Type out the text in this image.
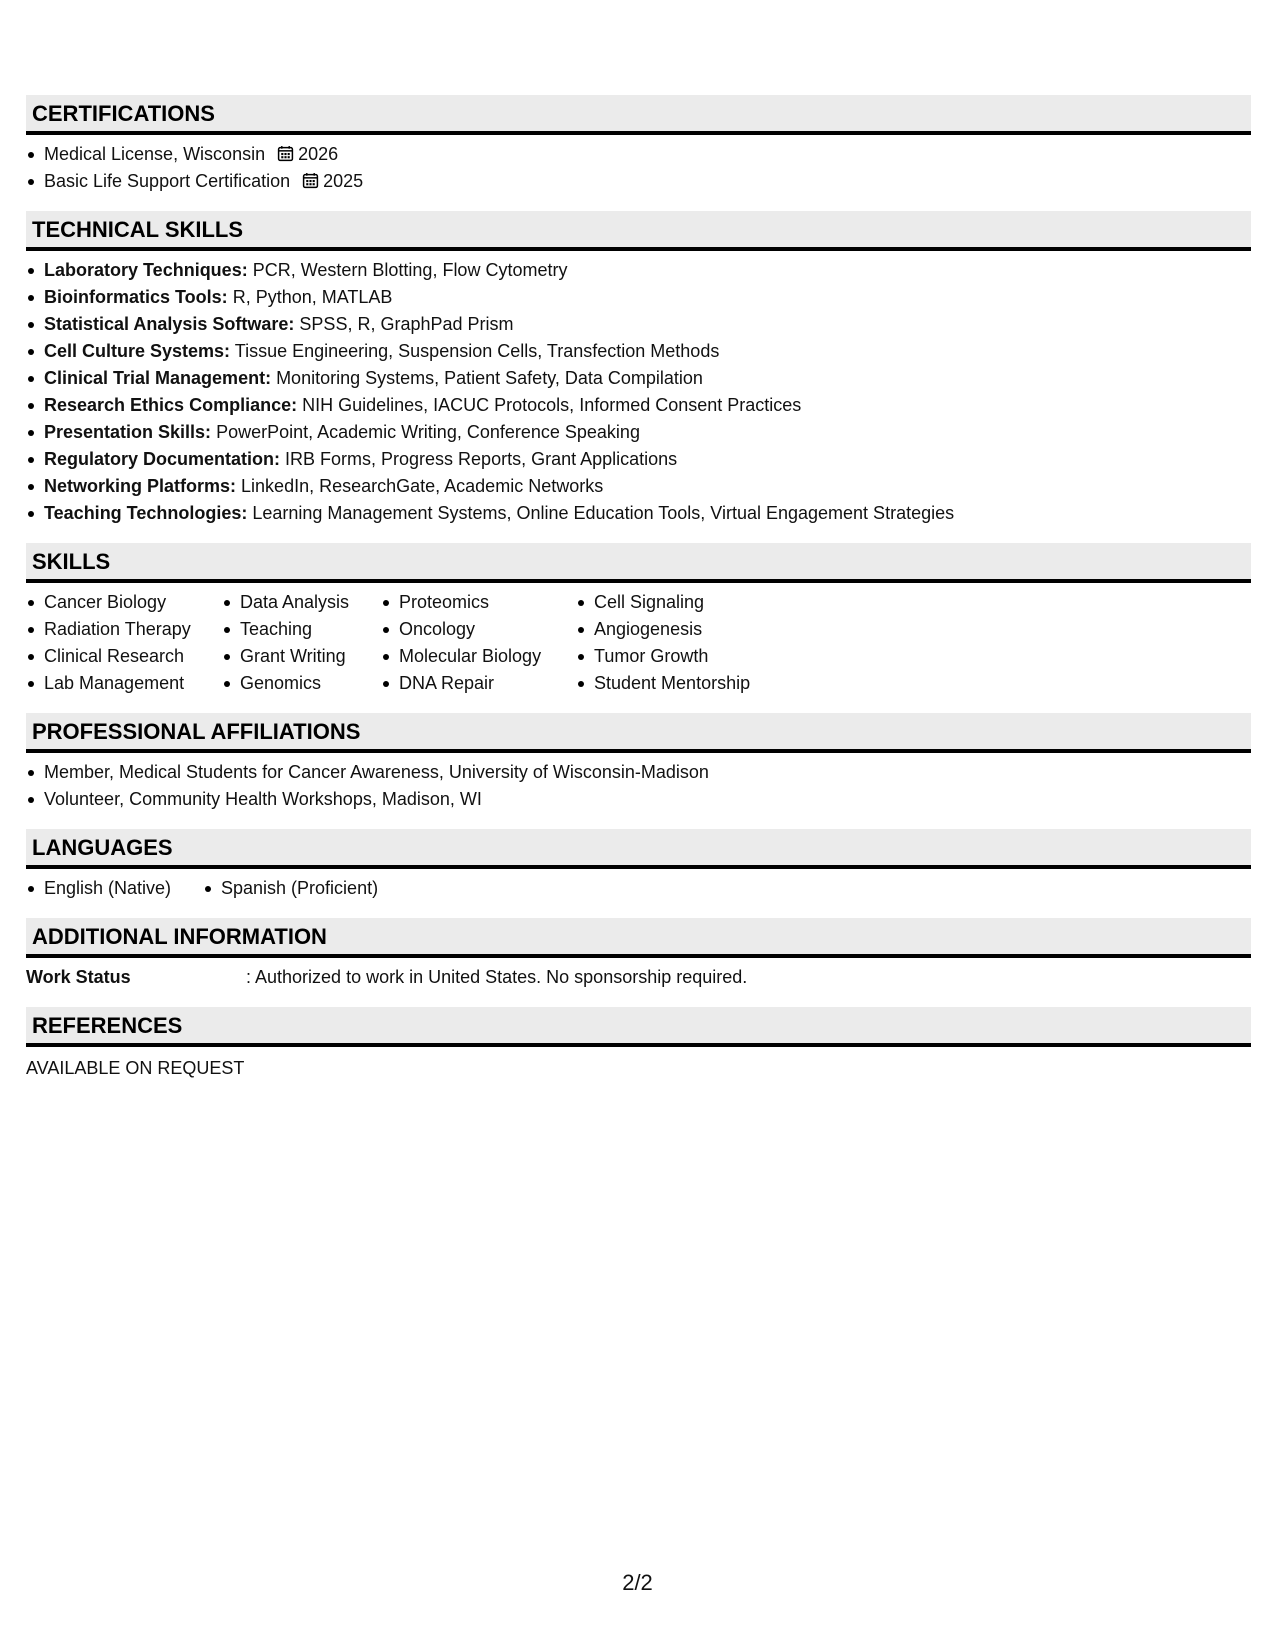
CERTIFICATIONS
Medical License, Wisconsin 2026
Basic Life Support Certification 2025
TECHNICAL SKILLS
Laboratory Techniques: PCR, Western Blotting, Flow Cytometry
Bioinformatics Tools: R, Python, MATLAB
Statistical Analysis Software: SPSS, R, GraphPad Prism
Cell Culture Systems: Tissue Engineering, Suspension Cells, Transfection Methods
Clinical Trial Management: Monitoring Systems, Patient Safety, Data Compilation
Research Ethics Compliance: NIH Guidelines, IACUC Protocols, Informed Consent Practices
Presentation Skills: PowerPoint, Academic Writing, Conference Speaking
Regulatory Documentation: IRB Forms, Progress Reports, Grant Applications
Networking Platforms: LinkedIn, ResearchGate, Academic Networks
Teaching Technologies: Learning Management Systems, Online Education Tools, Virtual Engagement Strategies
SKILLS
Cancer Biology
Radiation Therapy
Clinical Research
Lab Management
Data Analysis
Teaching
Grant Writing
Genomics
Proteomics
Oncology
Molecular Biology
DNA Repair
Cell Signaling
Angiogenesis
Tumor Growth
Student Mentorship
PROFESSIONAL AFFILIATIONS
Member, Medical Students for Cancer Awareness, University of Wisconsin-Madison
Volunteer, Community Health Workshops, Madison, WI
LANGUAGES
English (Native)	Spanish (Proficient)
ADDITIONAL INFORMATION
Work Status	: Authorized to work in United States. No sponsorship required.
REFERENCES
AVAILABLE ON REQUEST
2/2
